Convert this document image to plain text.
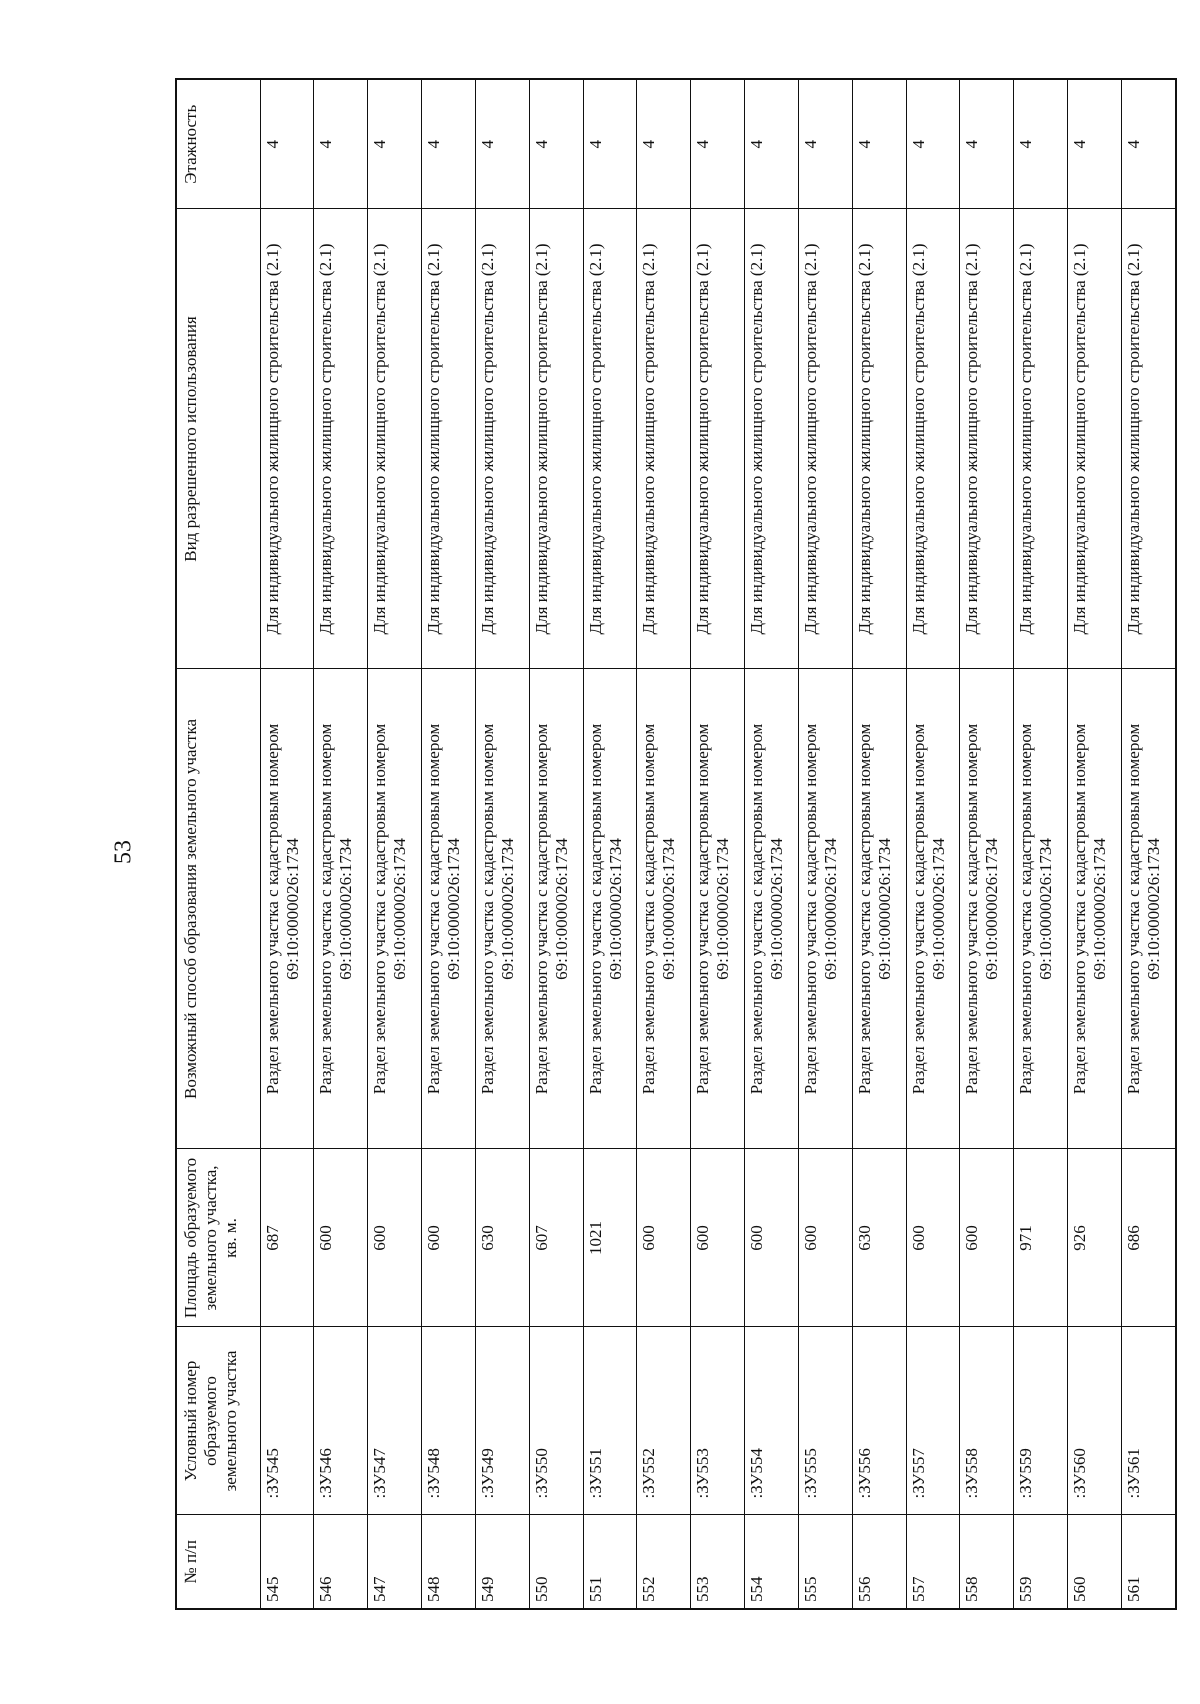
53
№ п/п	Условный номер образуемого земельного участка	Площадь образуемого земельного участка, кв. м.	Возможный способ образования земельного участка	Вид разрешенного использования	Этажность
545	:ЗУ545	687	Раздел земельного участка с кадастровым номером 69:10:0000026:1734	Для индивидуального жилищного строительства (2.1)	4
546	:ЗУ546	600	Раздел земельного участка с кадастровым номером 69:10:0000026:1734	Для индивидуального жилищного строительства (2.1)	4
547	:ЗУ547	600	Раздел земельного участка с кадастровым номером 69:10:0000026:1734	Для индивидуального жилищного строительства (2.1)	4
548	:ЗУ548	600	Раздел земельного участка с кадастровым номером 69:10:0000026:1734	Для индивидуального жилищного строительства (2.1)	4
549	:ЗУ549	630	Раздел земельного участка с кадастровым номером 69:10:0000026:1734	Для индивидуального жилищного строительства (2.1)	4
550	:ЗУ550	607	Раздел земельного участка с кадастровым номером 69:10:0000026:1734	Для индивидуального жилищного строительства (2.1)	4
551	:ЗУ551	1021	Раздел земельного участка с кадастровым номером 69:10:0000026:1734	Для индивидуального жилищного строительства (2.1)	4
552	:ЗУ552	600	Раздел земельного участка с кадастровым номером 69:10:0000026:1734	Для индивидуального жилищного строительства (2.1)	4
553	:ЗУ553	600	Раздел земельного участка с кадастровым номером 69:10:0000026:1734	Для индивидуального жилищного строительства (2.1)	4
554	:ЗУ554	600	Раздел земельного участка с кадастровым номером 69:10:0000026:1734	Для индивидуального жилищного строительства (2.1)	4
555	:ЗУ555	600	Раздел земельного участка с кадастровым номером 69:10:0000026:1734	Для индивидуального жилищного строительства (2.1)	4
556	:ЗУ556	630	Раздел земельного участка с кадастровым номером 69:10:0000026:1734	Для индивидуального жилищного строительства (2.1)	4
557	:ЗУ557	600	Раздел земельного участка с кадастровым номером 69:10:0000026:1734	Для индивидуального жилищного строительства (2.1)	4
558	:ЗУ558	600	Раздел земельного участка с кадастровым номером 69:10:0000026:1734	Для индивидуального жилищного строительства (2.1)	4
559	:ЗУ559	971	Раздел земельного участка с кадастровым номером 69:10:0000026:1734	Для индивидуального жилищного строительства (2.1)	4
560	:ЗУ560	926	Раздел земельного участка с кадастровым номером 69:10:0000026:1734	Для индивидуального жилищного строительства (2.1)	4
561	:ЗУ561	686	Раздел земельного участка с кадастровым номером 69:10:0000026:1734	Для индивидуального жилищного строительства (2.1)	4
